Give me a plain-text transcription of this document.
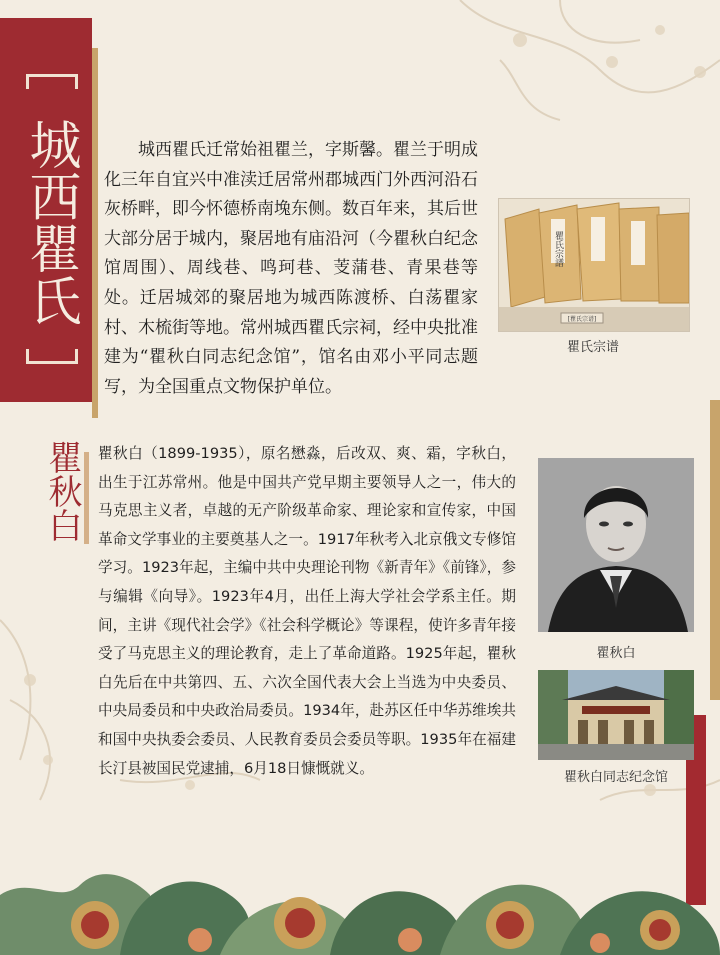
城西瞿氏	城西瞿氏迁常始祖瞿兰，字斯馨。瞿兰于明成化三年自宜兴中准渎迁居常州郡城西门外西河沿石灰桥畔，即今怀德桥南堍东侧。数百年来，其后世大部分居于城内，聚居地有庙沿河（今瞿秋白纪念馆周围）、周线巷、鸣珂巷、芰蒲巷、青果巷等处。迁居城郊的聚居地为城西陈渡桥、白荡瞿家村、木梳街等地。常州城西瞿氏宗祠，经中央批准建为“瞿秋白同志纪念馆”，馆名由邓小平同志题写，为全国重点文物保护单位。
瞿氏宗譜
[瞿氏宗谱]
瞿氏宗谱
瞿秋白 瞿秋白（1899-1935），原名懋淼，后改双、爽、霜，字秋白，出生于江苏常州。他是中国共产党早期主要领导人之一，伟大的马克思主义者，卓越的无产阶级革命家、理论家和宣传家，中国革命文学事业的主要奠基人之一。1917年秋考入北京俄文专修馆学习。1923年起，主编中共中央理论刊物《新青年》《前锋》，参与编辑《向导》。1923年4月，出任上海大学社会学系主任。期间，主讲《现代社会学》《社会科学概论》等课程，使许多青年接受了马克思主义的理论教育，走上了革命道路。1925年起，瞿秋白先后在中共第四、五、六次全国代表大会上当选为中央委员、中央局委员和中央政治局委员。1934年，赴苏区任中华苏维埃共和国中央执委会委员、人民教育委员会委员等职。1935年在福建长汀县被国民党逮捕，6月18日慷慨就义。
瞿秋白
瞿秋白同志纪念馆
